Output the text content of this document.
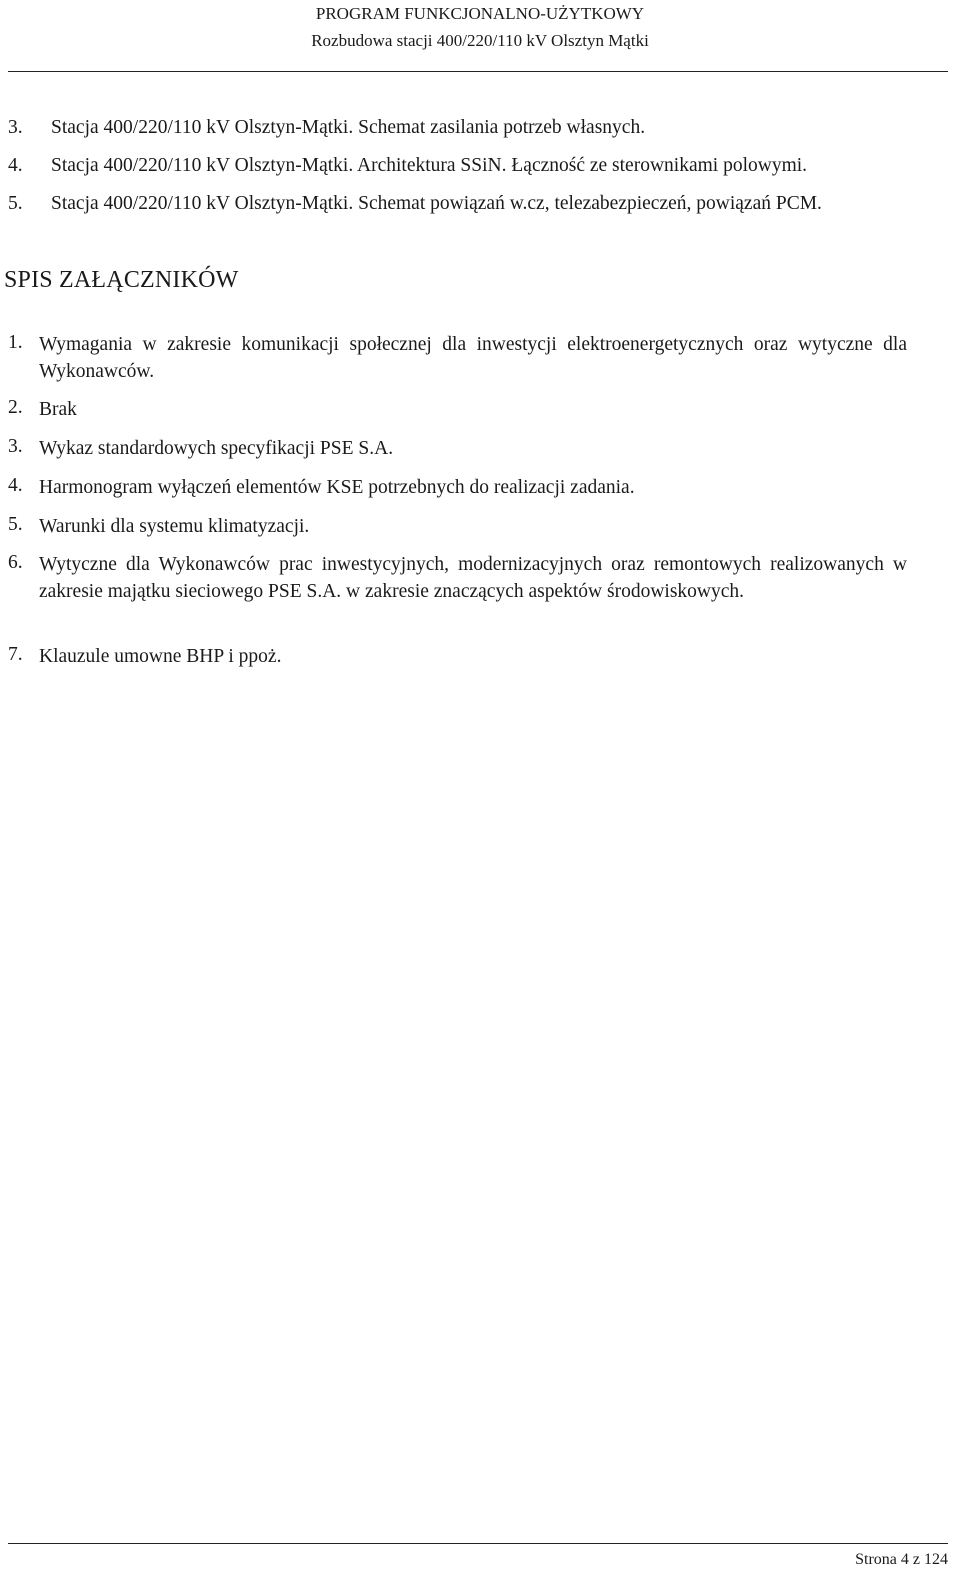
PROGRAM FUNKCJONALNO-UŻYTKOWY
Rozbudowa stacji 400/220/110 kV Olsztyn Mątki
3.	Stacja 400/220/110 kV Olsztyn-Mątki. Schemat zasilania potrzeb własnych.
4.	Stacja 400/220/110 kV Olsztyn-Mątki. Architektura SSiN. Łączność ze sterownikami polowymi.
5.	Stacja 400/220/110 kV Olsztyn-Mątki. Schemat powiązań w.cz, telezabezpieczeń, powiązań PCM.
SPIS ZAŁĄCZNIKÓW
1. Wymagania w zakresie komunikacji społecznej dla inwestycji elektroenergetycznych oraz wytyczne dla Wykonawców.
2. Brak
3. Wykaz standardowych specyfikacji PSE S.A.
4. Harmonogram wyłączeń elementów KSE potrzebnych do realizacji zadania.
5. Warunki dla systemu klimatyzacji.
6. Wytyczne dla Wykonawców prac inwestycyjnych, modernizacyjnych oraz remontowych realizowanych w zakresie majątku sieciowego PSE S.A. w zakresie znaczących aspektów środowiskowych.
7. Klauzule umowne BHP i ppoż.
Strona 4 z 124
